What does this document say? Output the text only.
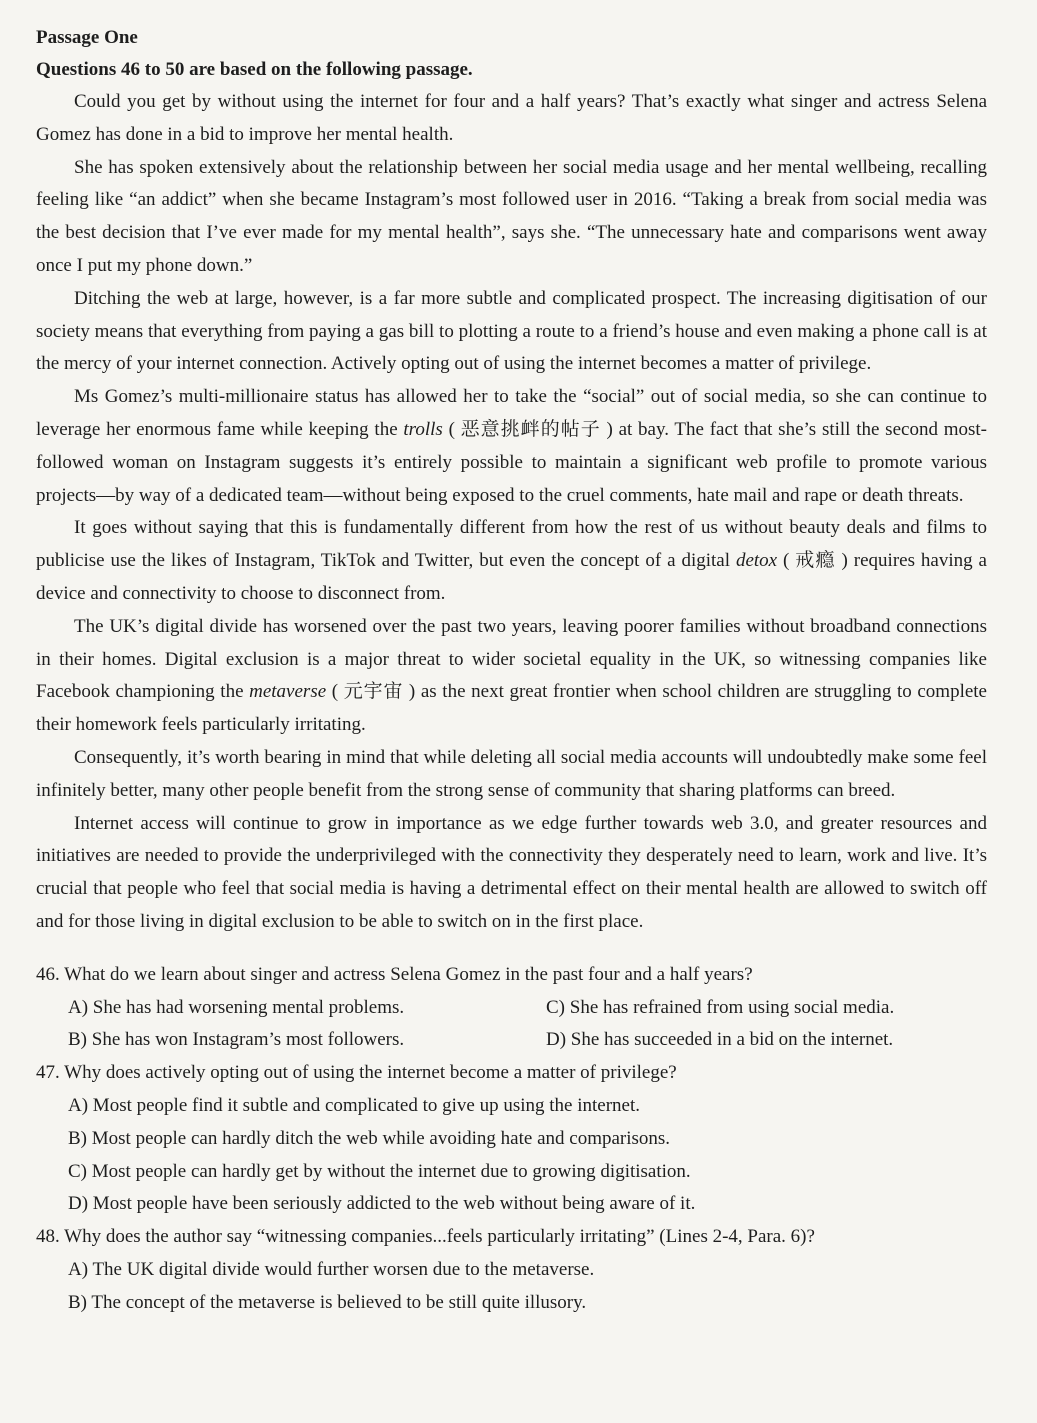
Passage One

Questions 46 to 50 are based on the following passage.

Could you get by without using the internet for four and a half years? That’s exactly what singer and actress Selena Gomez has done in a bid to improve her mental health.

She has spoken extensively about the relationship between her social media usage and her mental wellbeing, recalling feeling like “an addict” when she became Instagram’s most followed user in 2016. “Taking a break from social media was the best decision that I’ve ever made for my mental health”, says she. “The unnecessary hate and comparisons went away once I put my phone down.”

Ditching the web at large, however, is a far more subtle and complicated prospect. The increasing digitisation of our society means that everything from paying a gas bill to plotting a route to a friend’s house and even making a phone call is at the mercy of your internet connection. Actively opting out of using the internet becomes a matter of privilege.

Ms Gomez’s multi-millionaire status has allowed her to take the “social” out of social media, so she can continue to leverage her enormous fame while keeping the trolls ( 恶意挑衅的帖子 ) at bay. The fact that she’s still the second most-followed woman on Instagram suggests it’s entirely possible to maintain a significant web profile to promote various projects—by way of a dedicated team—without being exposed to the cruel comments, hate mail and rape or death threats.

It goes without saying that this is fundamentally different from how the rest of us without beauty deals and films to publicise use the likes of Instagram, TikTok and Twitter, but even the concept of a digital detox ( 戒瘾 ) requires having a device and connectivity to choose to disconnect from.

The UK’s digital divide has worsened over the past two years, leaving poorer families without broadband connections in their homes. Digital exclusion is a major threat to wider societal equality in the UK, so witnessing companies like Facebook championing the metaverse ( 元宇宙 ) as the next great frontier when school children are struggling to complete their homework feels particularly irritating.

Consequently, it’s worth bearing in mind that while deleting all social media accounts will undoubtedly make some feel infinitely better, many other people benefit from the strong sense of community that sharing platforms can breed.

Internet access will continue to grow in importance as we edge further towards web 3.0, and greater resources and initiatives are needed to provide the underprivileged with the connectivity they desperately need to learn, work and live. It’s crucial that people who feel that social media is having a detrimental effect on their mental health are allowed to switch off and for those living in digital exclusion to be able to switch on in the first place.

46. What do we learn about singer and actress Selena Gomez in the past four and a half years?

A) She has had worsening mental problems.	C) She has refrained from using social media.

B) She has won Instagram’s most followers.	D) She has succeeded in a bid on the internet.

47. Why does actively opting out of using the internet become a matter of privilege?

A) Most people find it subtle and complicated to give up using the internet.

B) Most people can hardly ditch the web while avoiding hate and comparisons.

C) Most people can hardly get by without the internet due to growing digitisation.

D) Most people have been seriously addicted to the web without being aware of it.

48. Why does the author say “witnessing companies...feels particularly irritating” (Lines 2-4, Para. 6)?

A) The UK digital divide would further worsen due to the metaverse.

B) The concept of the metaverse is believed to be still quite illusory.
